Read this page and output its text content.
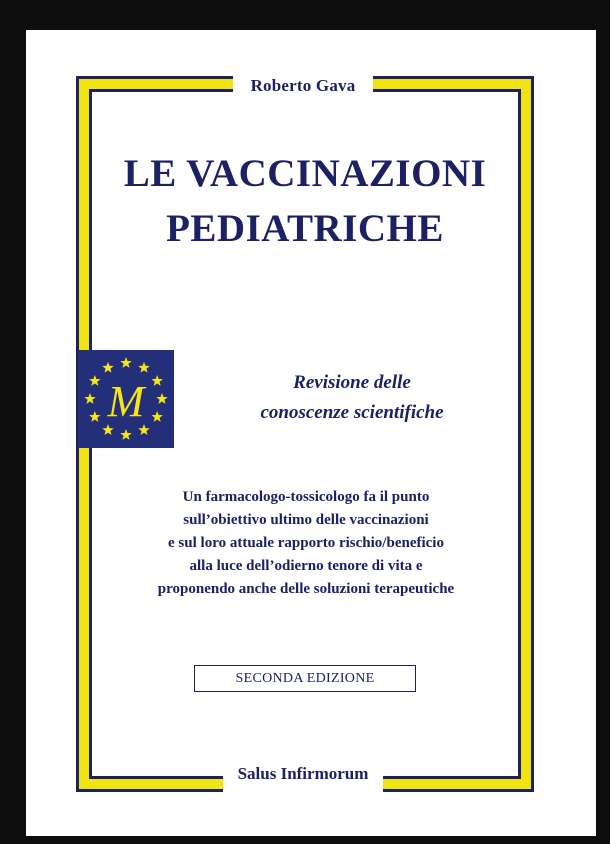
Roberto Gava
LE VACCINAZIONI
PEDIATRICHE
M	Revisione delle
conoscenze scientifiche
Un farmacologo-tossicologo fa il punto
sull’obiettivo ultimo delle vaccinazioni
e sul loro attuale rapporto rischio/beneficio
alla luce dell’odierno tenore di vita e
proponendo anche delle soluzioni terapeutiche
SECONDA EDIZIONE
Salus Infirmorum
